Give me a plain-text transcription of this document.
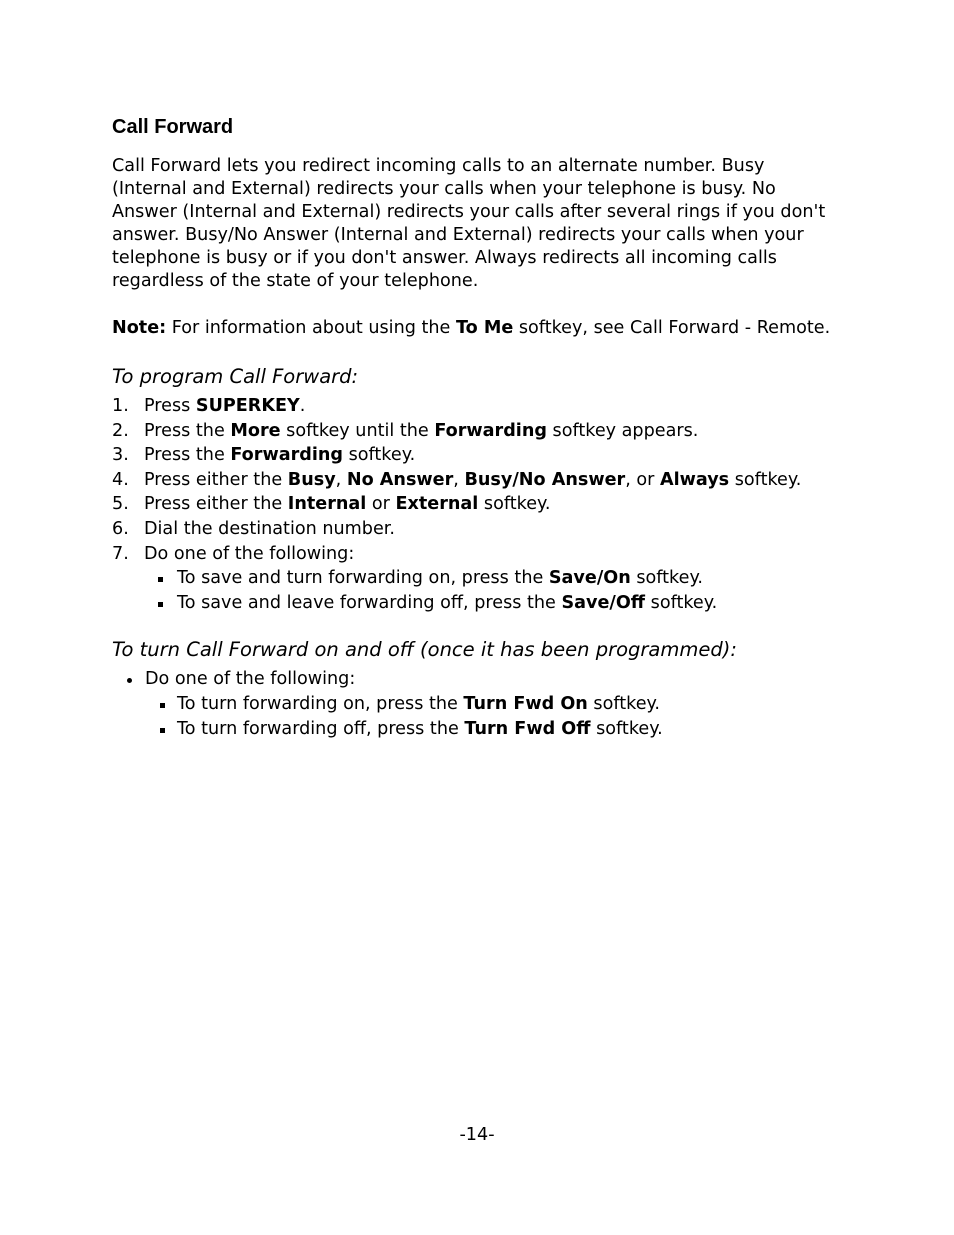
Call Forward

Call Forward lets you redirect incoming calls to an alternate number. Busy (Internal and External) redirects your calls when your telephone is busy. No Answer (Internal and External) redirects your calls after several rings if you don't answer. Busy/No Answer (Internal and External) redirects your calls when your telephone is busy or if you don't answer. Always redirects all incoming calls regardless of the state of your telephone.

Note: For information about using the To Me softkey, see Call Forward - Remote.

To program Call Forward:
1. Press SUPERKEY.
2. Press the More softkey until the Forwarding softkey appears.
3. Press the Forwarding softkey.
4. Press either the Busy, No Answer, Busy/No Answer, or Always softkey.
5. Press either the Internal or External softkey.
6. Dial the destination number.
7. Do one of the following:
To save and turn forwarding on, press the Save/On softkey.
To save and leave forwarding off, press the Save/Off softkey.
To turn Call Forward on and off (once it has been programmed):
Do one of the following:
To turn forwarding on, press the Turn Fwd On softkey.
To turn forwarding off, press the Turn Fwd Off softkey.
-14-
